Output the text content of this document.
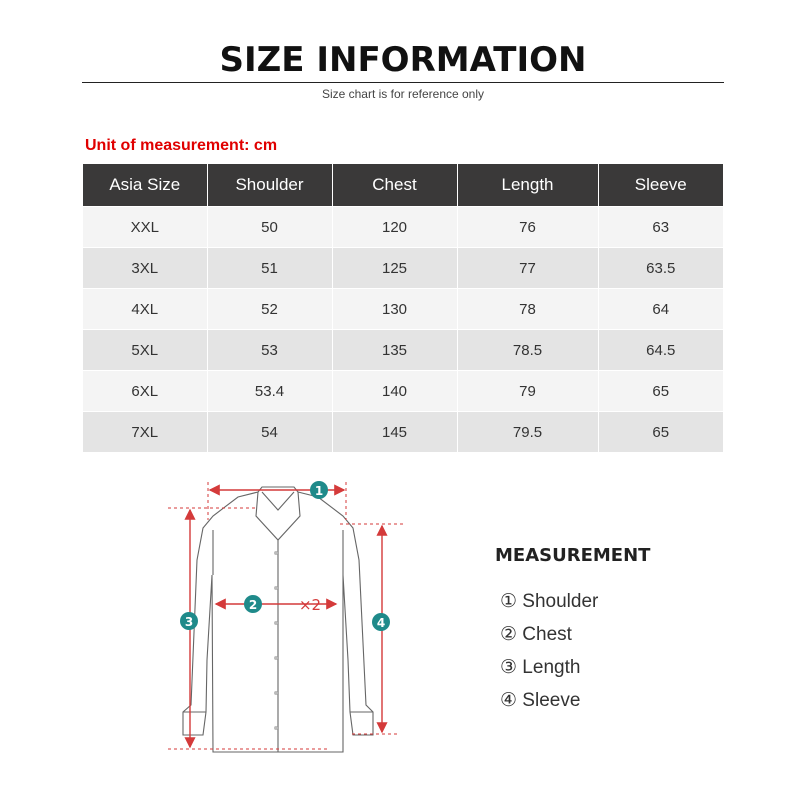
SIZE INFORMATION
Size chart is for reference only
Unit of measurement: cm
Asia Size	Shoulder	Chest	Length	Sleeve
XXL	50	120	76	63
3XL	51	125	77	63.5
4XL	52	130	78	64
5XL	53	135	78.5	64.5
6XL	53.4	140	79	65
7XL	54	145	79.5	65
1
2
3	4
×2
MEASUREMENT
① Shoulder
② Chest
③ Length
④ Sleeve
